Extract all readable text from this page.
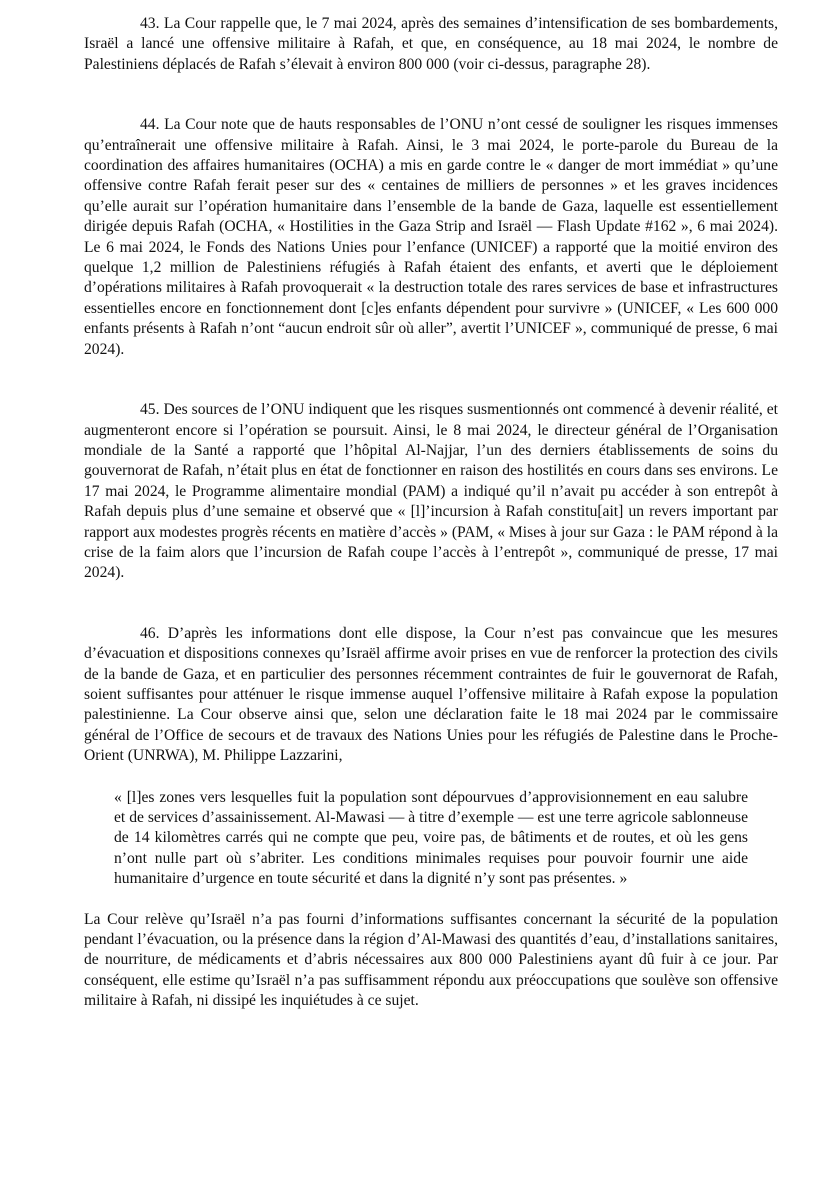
43. La Cour rappelle que, le 7 mai 2024, après des semaines d’intensification de ses bombardements, Israël a lancé une offensive militaire à Rafah, et que, en conséquence, au 18 mai 2024, le nombre de Palestiniens déplacés de Rafah s’élevait à environ 800 000 (voir ci-dessus, paragraphe 28).

44. La Cour note que de hauts responsables de l’ONU n’ont cessé de souligner les risques immenses qu’entraînerait une offensive militaire à Rafah. Ainsi, le 3 mai 2024, le porte-parole du Bureau de la coordination des affaires humanitaires (OCHA) a mis en garde contre le « danger de mort immédiat » qu’une offensive contre Rafah ferait peser sur des « centaines de milliers de personnes » et les graves incidences qu’elle aurait sur l’opération humanitaire dans l’ensemble de la bande de Gaza, laquelle est essentiellement dirigée depuis Rafah (OCHA, « Hostilities in the Gaza Strip and Israël — Flash Update #162 », 6 mai 2024). Le 6 mai 2024, le Fonds des Nations Unies pour l’enfance (UNICEF) a rapporté que la moitié environ des quelque 1,2 million de Palestiniens réfugiés à Rafah étaient des enfants, et averti que le déploiement d’opérations militaires à Rafah provoquerait « la destruction totale des rares services de base et infrastructures essentielles encore en fonctionnement dont [c]es enfants dépendent pour survivre » (UNICEF, « Les 600 000 enfants présents à Rafah n’ont “aucun endroit sûr où aller”, avertit l’UNICEF », communiqué de presse, 6 mai 2024).

45. Des sources de l’ONU indiquent que les risques susmentionnés ont commencé à devenir réalité, et augmenteront encore si l’opération se poursuit. Ainsi, le 8 mai 2024, le directeur général de l’Organisation mondiale de la Santé a rapporté que l’hôpital Al-Najjar, l’un des derniers établissements de soins du gouvernorat de Rafah, n’était plus en état de fonctionner en raison des hostilités en cours dans ses environs. Le 17 mai 2024, le Programme alimentaire mondial (PAM) a indiqué qu’il n’avait pu accéder à son entrepôt à Rafah depuis plus d’une semaine et observé que « [l]’incursion à Rafah constitu[ait] un revers important par rapport aux modestes progrès récents en matière d’accès » (PAM, « Mises à jour sur Gaza : le PAM répond à la crise de la faim alors que l’incursion de Rafah coupe l’accès à l’entrepôt », communiqué de presse, 17 mai 2024).

46. D’après les informations dont elle dispose, la Cour n’est pas convaincue que les mesures d’évacuation et dispositions connexes qu’Israël affirme avoir prises en vue de renforcer la protection des civils de la bande de Gaza, et en particulier des personnes récemment contraintes de fuir le gouvernorat de Rafah, soient suffisantes pour atténuer le risque immense auquel l’offensive militaire à Rafah expose la population palestinienne. La Cour observe ainsi que, selon une déclaration faite le 18 mai 2024 par le commissaire général de l’Office de secours et de travaux des Nations Unies pour les réfugiés de Palestine dans le Proche-Orient (UNRWA), M. Philippe Lazzarini,

« [l]es zones vers lesquelles fuit la population sont dépourvues d’approvisionnement en eau salubre et de services d’assainissement. Al-Mawasi — à titre d’exemple — est une terre agricole sablonneuse de 14 kilomètres carrés qui ne compte que peu, voire pas, de bâtiments et de routes, et où les gens n’ont nulle part où s’abriter. Les conditions minimales requises pour pouvoir fournir une aide humanitaire d’urgence en toute sécurité et dans la dignité n’y sont pas présentes. »

La Cour relève qu’Israël n’a pas fourni d’informations suffisantes concernant la sécurité de la population pendant l’évacuation, ou la présence dans la région d’Al-Mawasi des quantités d’eau, d’installations sanitaires, de nourriture, de médicaments et d’abris nécessaires aux 800 000 Palestiniens ayant dû fuir à ce jour. Par conséquent, elle estime qu’Israël n’a pas suffisamment répondu aux préoccupations que soulève son offensive militaire à Rafah, ni dissipé les inquiétudes à ce sujet.
